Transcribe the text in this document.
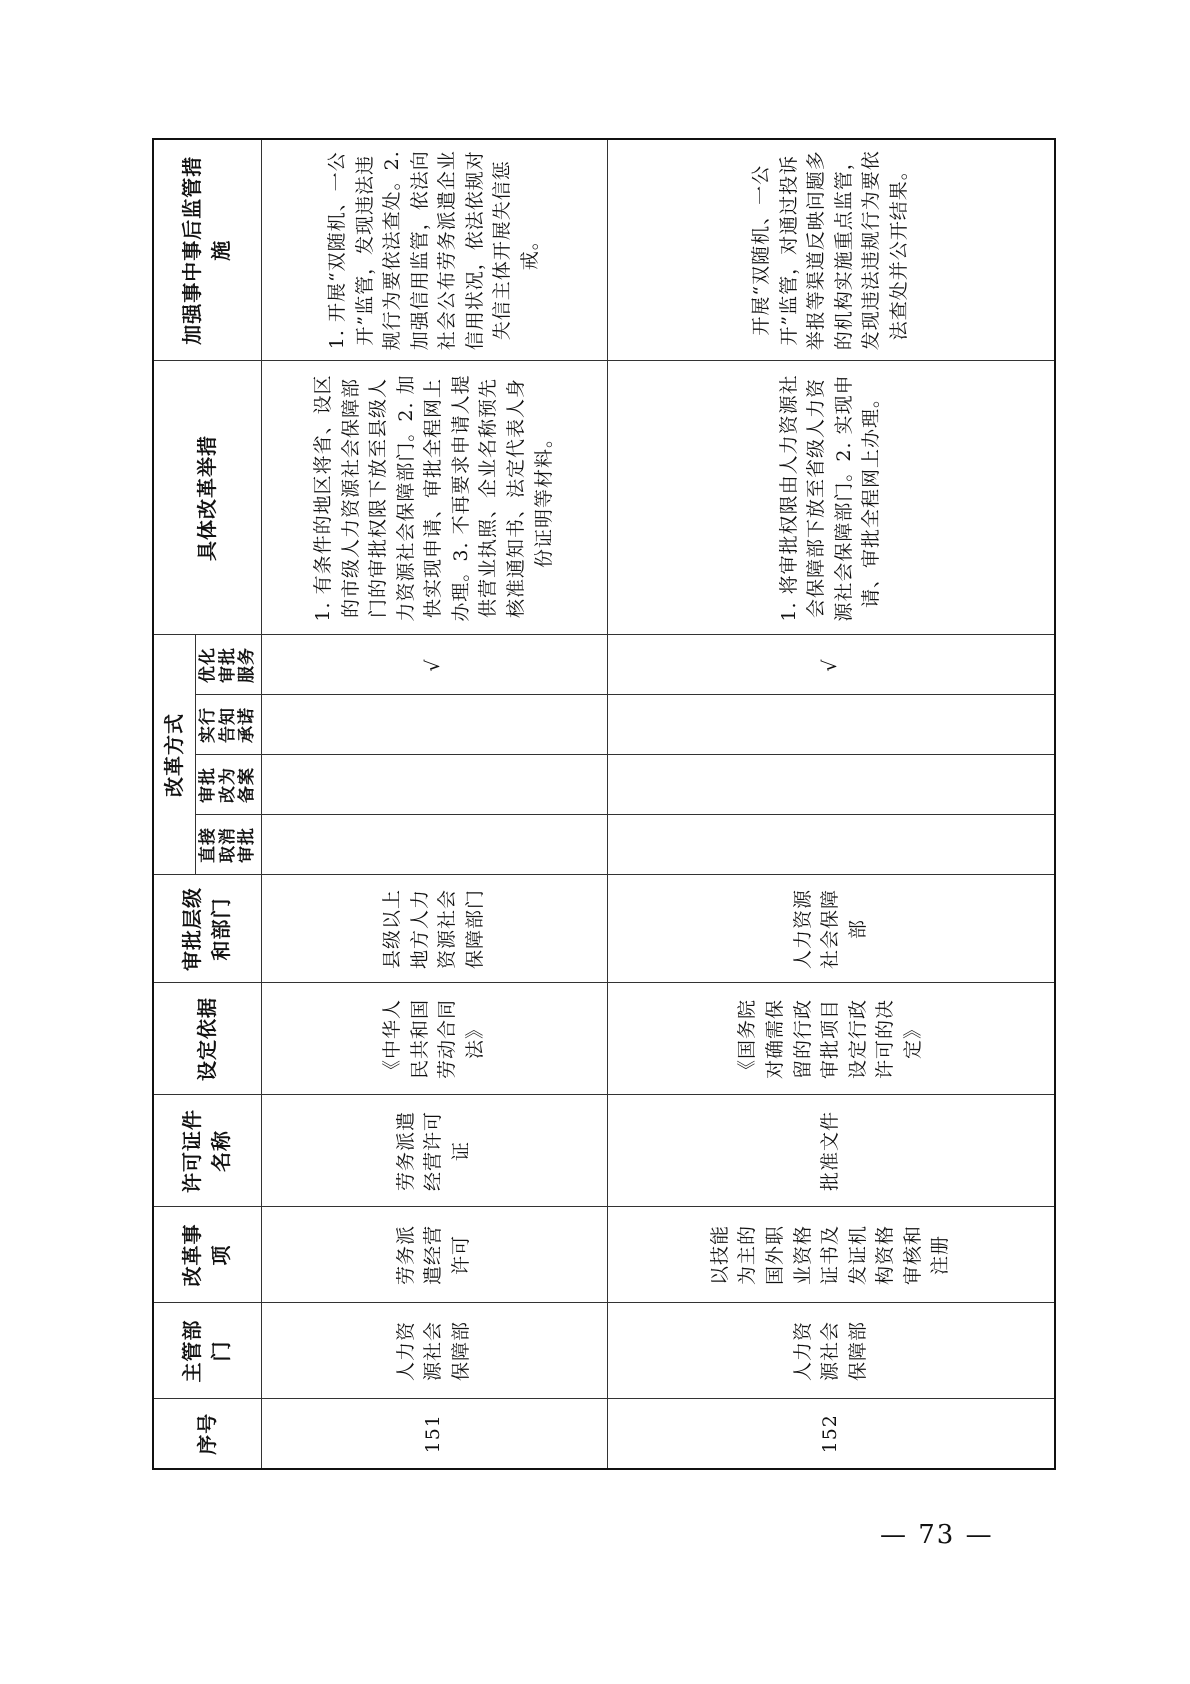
序号	主管部门	改革事项	许可证件名称	设定依据	审批层级和部门	改革方式				具体改革举措	加强事中事后监管措施
						直接取消审批	审批改为备案	实行告知承诺	优化审批服务		
151	人力资源社会保障部	劳务派遣经营许可	劳务派遣经营许可证	《中华人民共和国劳动合同法》	县级以上地方人力资源社会保障部门				√	1. 有条件的地区将省、设区的市级人力资源社会保障部门的审批权限下放至县级人力资源社会保障部门。2. 加快实现申请、审批全程网上办理。3. 不再要求申请人提供营业执照、企业名称预先核准通知书、法定代表人身份证明等材料。	1. 开展“双随机、一公开”监管，发现违法违规行为要依法查处。2. 加强信用监管，依法向社会公布劳务派遣企业信用状况，依法依规对失信主体开展失信惩戒。
152	人力资源社会保障部	以技能为主的国外职业资格证书及发证机构资格审核和注册	批准文件	《国务院对确需保留的行政审批项目设定行政许可的决定》	人力资源社会保障部				√	1. 将审批权限由人力资源社会保障部下放至省级人力资源社会保障部门。2. 实现申请、审批全程网上办理。	开展“双随机、一公开”监管，对通过投诉举报等渠道反映问题多的机构实施重点监管，发现违法违规行为要依法查处并公开结果。
— 73 —
